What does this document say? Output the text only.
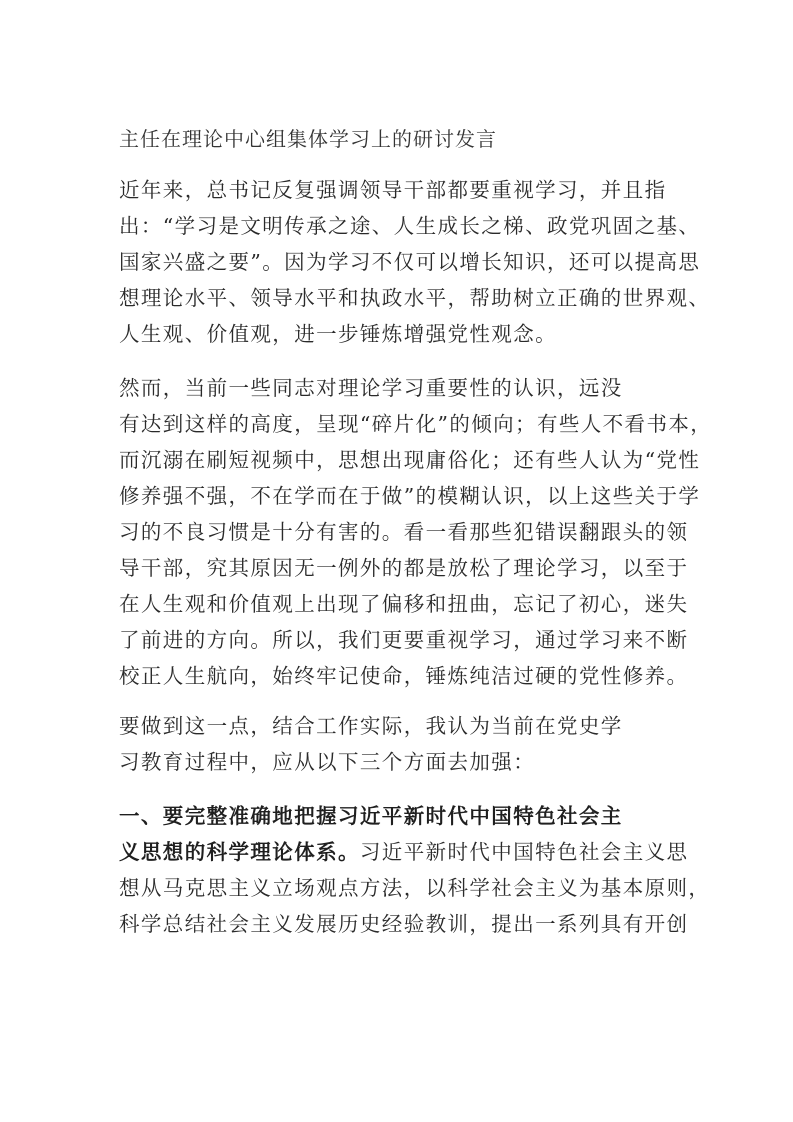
主任在理论中心组集体学习上的研讨发言

近年来，总书记反复强调领导干部都要重视学习，并且指
出：“学习是文明传承之途、人生成长之梯、政党巩固之基、
国家兴盛之要”。因为学习不仅可以增长知识，还可以提高思
想理论水平、领导水平和执政水平，帮助树立正确的世界观、
人生观、价值观，进一步锤炼增强党性观念。

然而，当前一些同志对理论学习重要性的认识，远没
有达到这样的高度，呈现“碎片化”的倾向；有些人不看书本，
而沉溺在刷短视频中，思想出现庸俗化；还有些人认为“党性
修养强不强，不在学而在于做”的模糊认识，以上这些关于学
习的不良习惯是十分有害的。看一看那些犯错误翻跟头的领
导干部，究其原因无一例外的都是放松了理论学习，以至于
在人生观和价值观上出现了偏移和扭曲，忘记了初心，迷失
了前进的方向。所以，我们更要重视学习，通过学习来不断
校正人生航向，始终牢记使命，锤炼纯洁过硬的党性修养。

要做到这一点，结合工作实际，我认为当前在党史学
习教育过程中，应从以下三个方面去加强：

一、要完整准确地把握习近平新时代中国特色社会主
义思想的科学理论体系。习近平新时代中国特色社会主义思
想从马克思主义立场观点方法，以科学社会主义为基本原则，
科学总结社会主义发展历史经验教训，提出一系列具有开创
